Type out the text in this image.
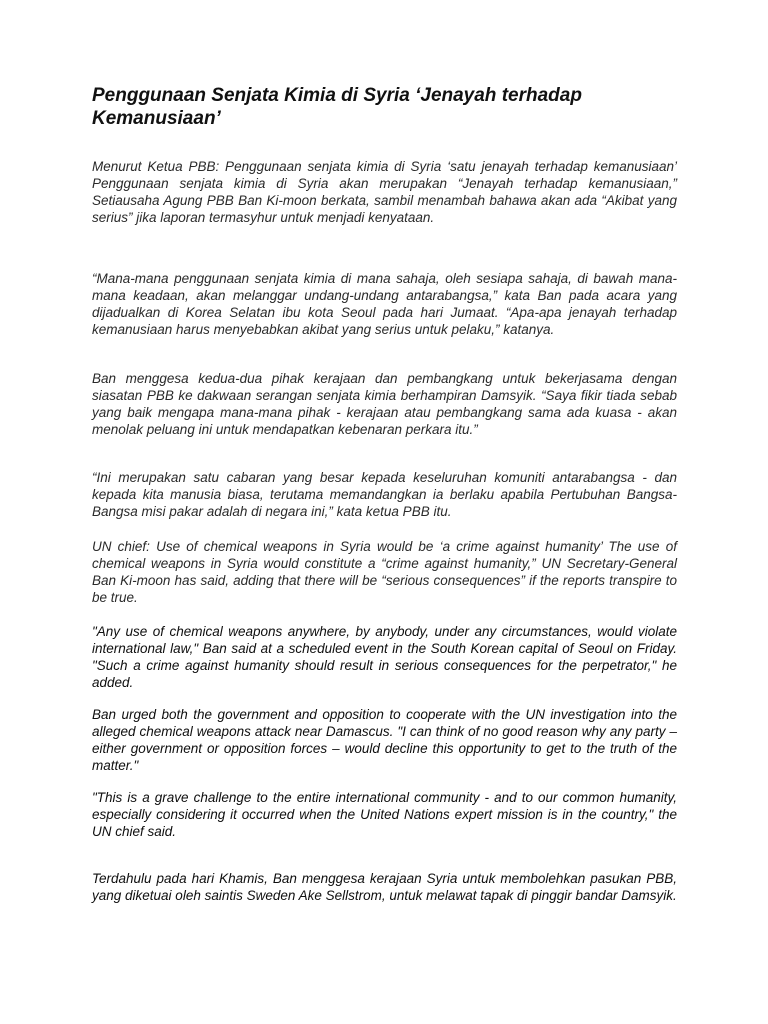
Penggunaan Senjata Kimia di Syria ‘Jenayah terhadap Kemanusiaan’

Menurut Ketua PBB: Penggunaan senjata kimia di Syria ‘satu jenayah terhadap kemanusiaan’ Penggunaan senjata kimia di Syria akan merupakan “Jenayah terhadap kemanusiaan,” Setiausaha Agung PBB Ban Ki-moon berkata, sambil menambah bahawa akan ada “Akibat yang serius” jika laporan termasyhur untuk menjadi kenyataan.

“Mana-mana penggunaan senjata kimia di mana sahaja, oleh sesiapa sahaja, di bawah mana-mana keadaan, akan melanggar undang-undang antarabangsa,” kata Ban pada acara yang dijadualkan di Korea Selatan ibu kota Seoul pada hari Jumaat. “Apa-apa jenayah terhadap kemanusiaan harus menyebabkan akibat yang serius untuk pelaku,” katanya.

Ban menggesa kedua-dua pihak kerajaan dan pembangkang untuk bekerjasama dengan siasatan PBB ke dakwaan serangan senjata kimia berhampiran Damsyik. “Saya fikir tiada sebab yang baik mengapa mana-mana pihak - kerajaan atau pembangkang sama ada kuasa - akan menolak peluang ini untuk mendapatkan kebenaran perkara itu.”

“Ini merupakan satu cabaran yang besar kepada keseluruhan komuniti antarabangsa - dan kepada kita manusia biasa, terutama memandangkan ia berlaku apabila Pertubuhan Bangsa-Bangsa misi pakar adalah di negara ini,” kata ketua PBB itu.

UN chief: Use of chemical weapons in Syria would be ‘a crime against humanity’ The use of chemical weapons in Syria would constitute a “crime against humanity,” UN Secretary-General Ban Ki-moon has said, adding that there will be “serious consequences” if the reports transpire to be true.

"Any use of chemical weapons anywhere, by anybody, under any circumstances, would violate international law," Ban said at a scheduled event in the South Korean capital of Seoul on Friday. "Such a crime against humanity should result in serious consequences for the perpetrator," he added.

Ban urged both the government and opposition to cooperate with the UN investigation into the alleged chemical weapons attack near Damascus. "I can think of no good reason why any party – either government or opposition forces – would decline this opportunity to get to the truth of the matter."

"This is a grave challenge to the entire international community - and to our common humanity, especially considering it occurred when the United Nations expert mission is in the country," the UN chief said.

Terdahulu pada hari Khamis, Ban menggesa kerajaan Syria untuk membolehkan pasukan PBB, yang diketuai oleh saintis Sweden Ake Sellstrom, untuk melawat tapak di pinggir bandar Damsyik.
